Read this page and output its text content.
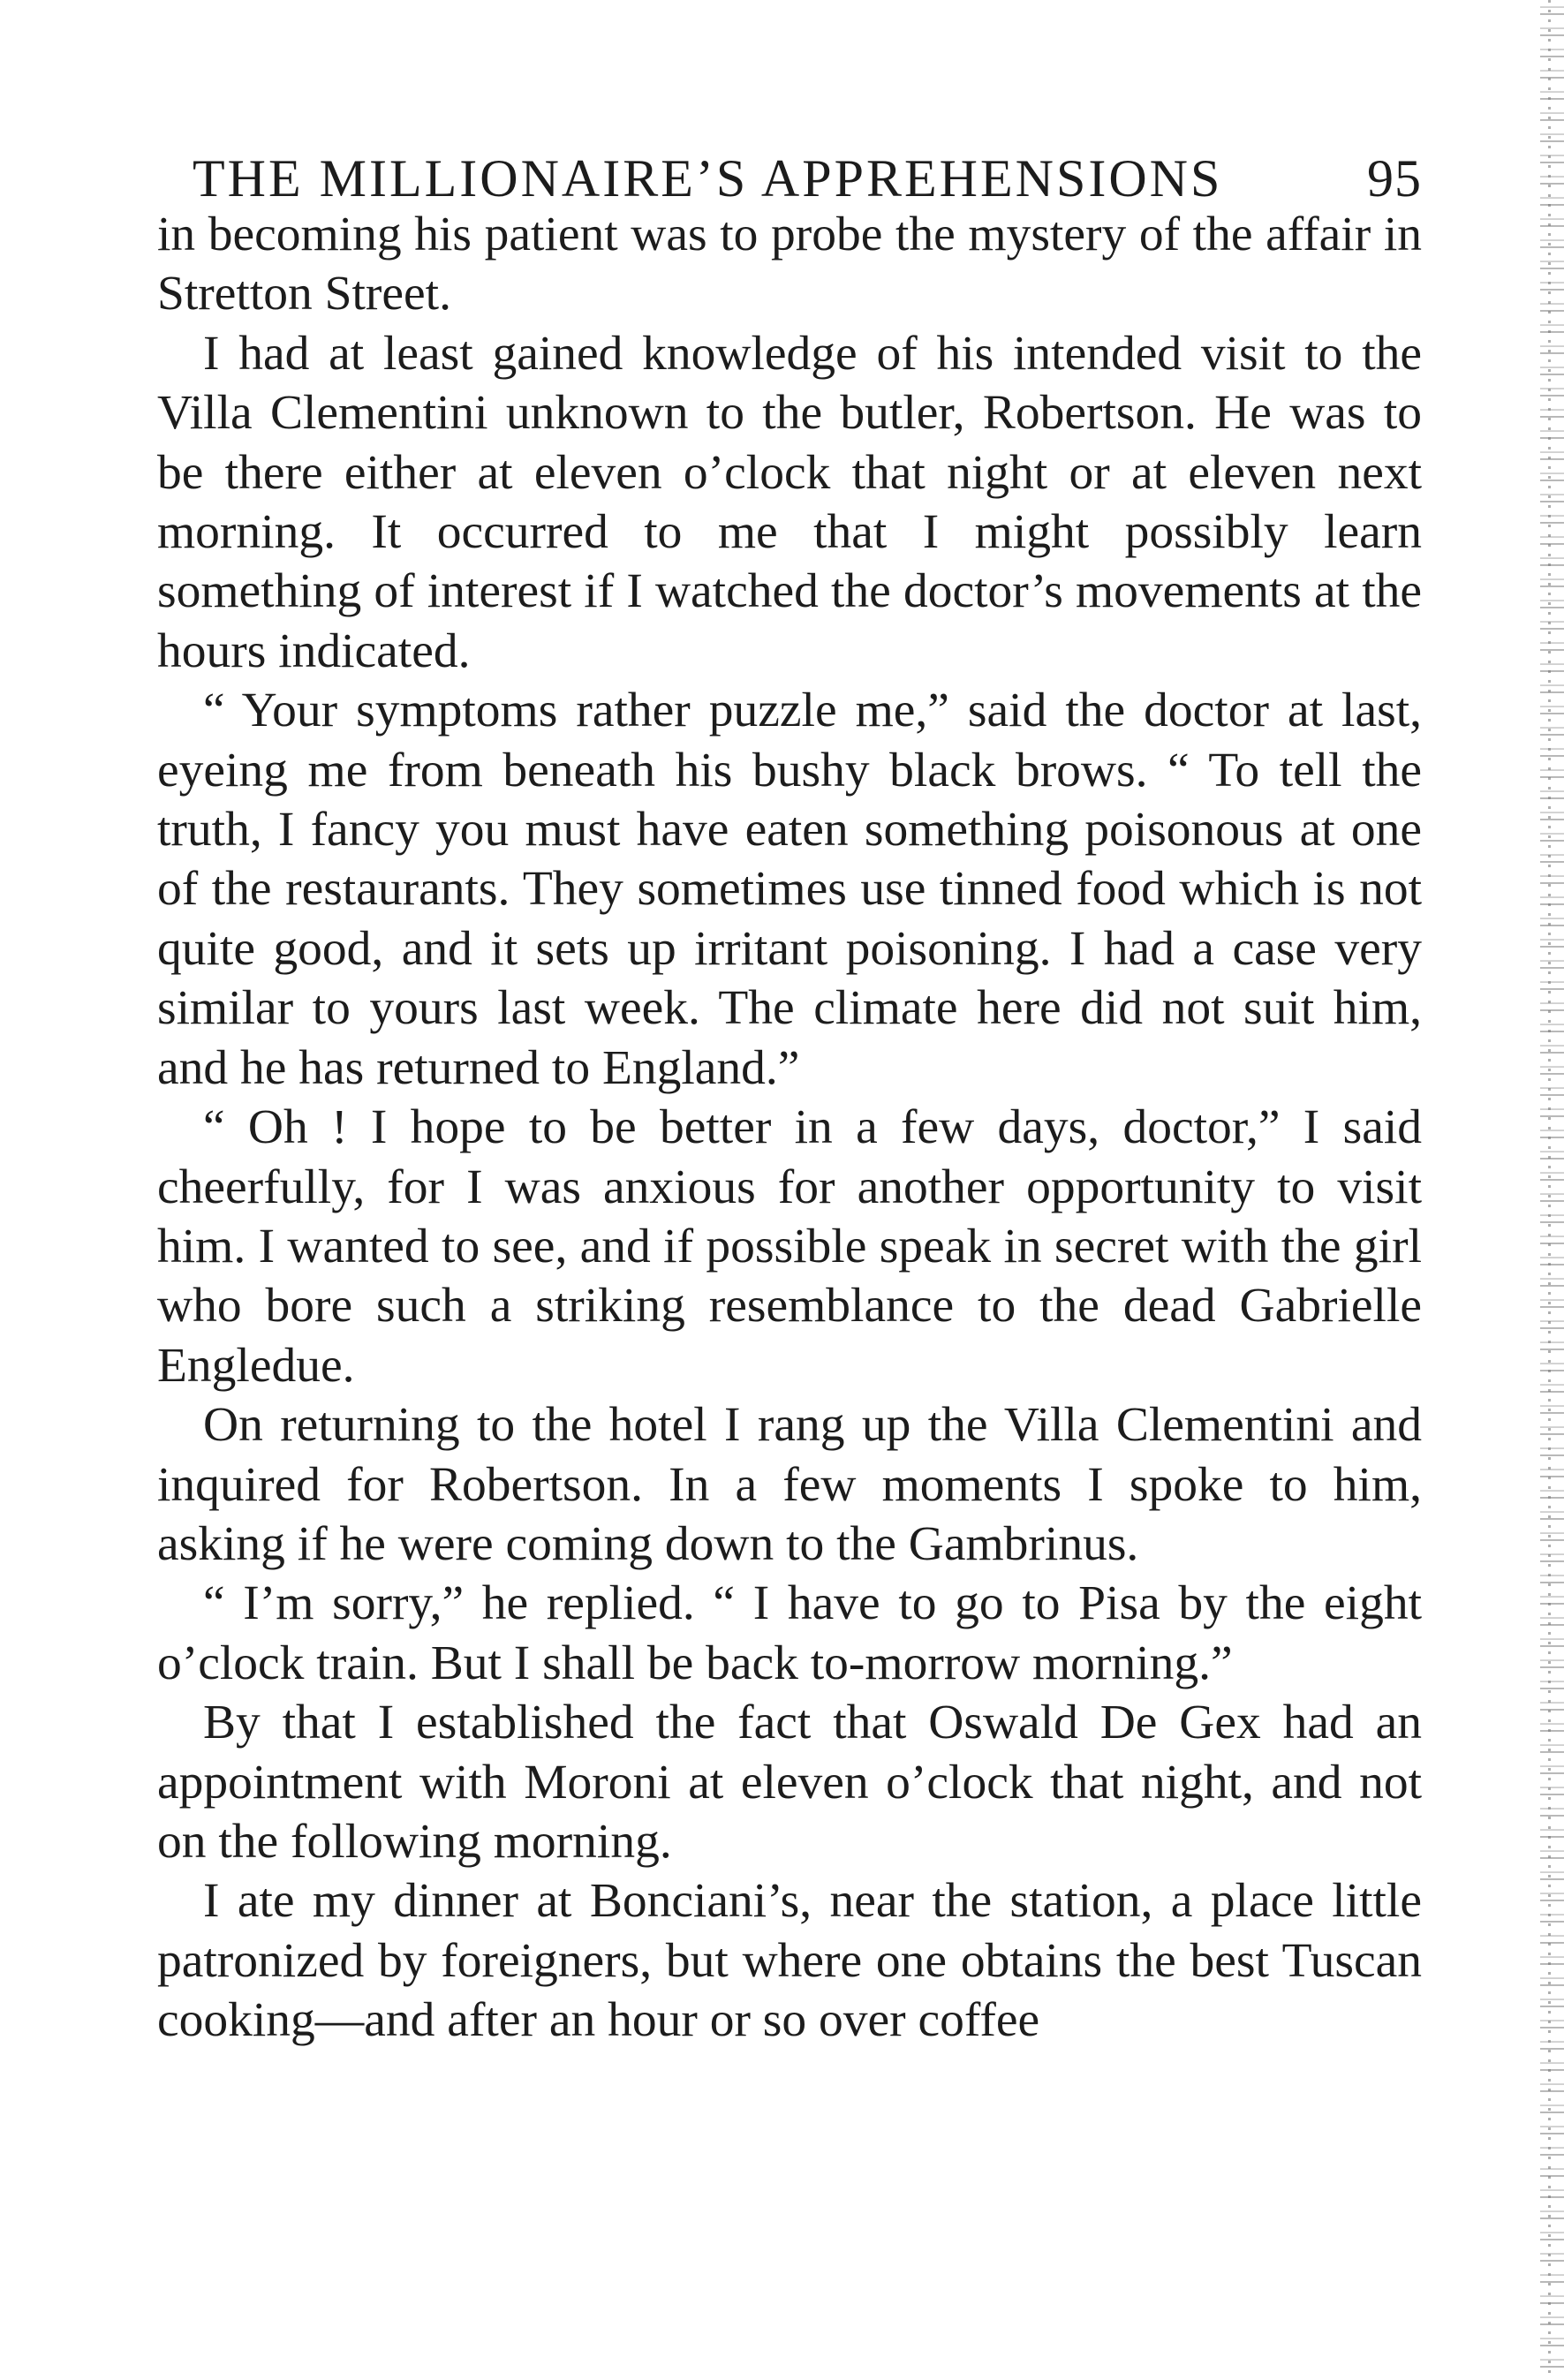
THE MILLIONAIRE’S APPREHENSIONS	95

in becoming his patient was to probe the mystery of the affair in Stretton Street.

I had at least gained knowledge of his intended visit to the Villa Clementini unknown to the butler, Robertson. He was to be there either at eleven o’clock that night or at eleven next morning. It occurred to me that I might possibly learn something of interest if I watched the doctor’s movements at the hours indicated.

“ Your symptoms rather puzzle me,” said the doctor at last, eyeing me from beneath his bushy black brows. “ To tell the truth, I fancy you must have eaten something poisonous at one of the restaurants. They sometimes use tinned food which is not quite good, and it sets up irritant poisoning. I had a case very similar to yours last week. The climate here did not suit him, and he has returned to England.”

“ Oh ! I hope to be better in a few days, doctor,” I said cheerfully, for I was anxious for another opportunity to visit him. I wanted to see, and if possible speak in secret with the girl who bore such a striking resemblance to the dead Gabrielle Engledue.

On returning to the hotel I rang up the Villa Clementini and inquired for Robertson. In a few moments I spoke to him, asking if he were coming down to the Gambrinus.

“ I’m sorry,” he replied. “ I have to go to Pisa by the eight o’clock train. But I shall be back to-morrow morning.”

By that I established the fact that Oswald De Gex had an appointment with Moroni at eleven o’clock that night, and not on the following morning.

I ate my dinner at Bonciani’s, near the station, a place little patronized by foreigners, but where one obtains the best Tuscan cooking—and after an hour or so over coffee
